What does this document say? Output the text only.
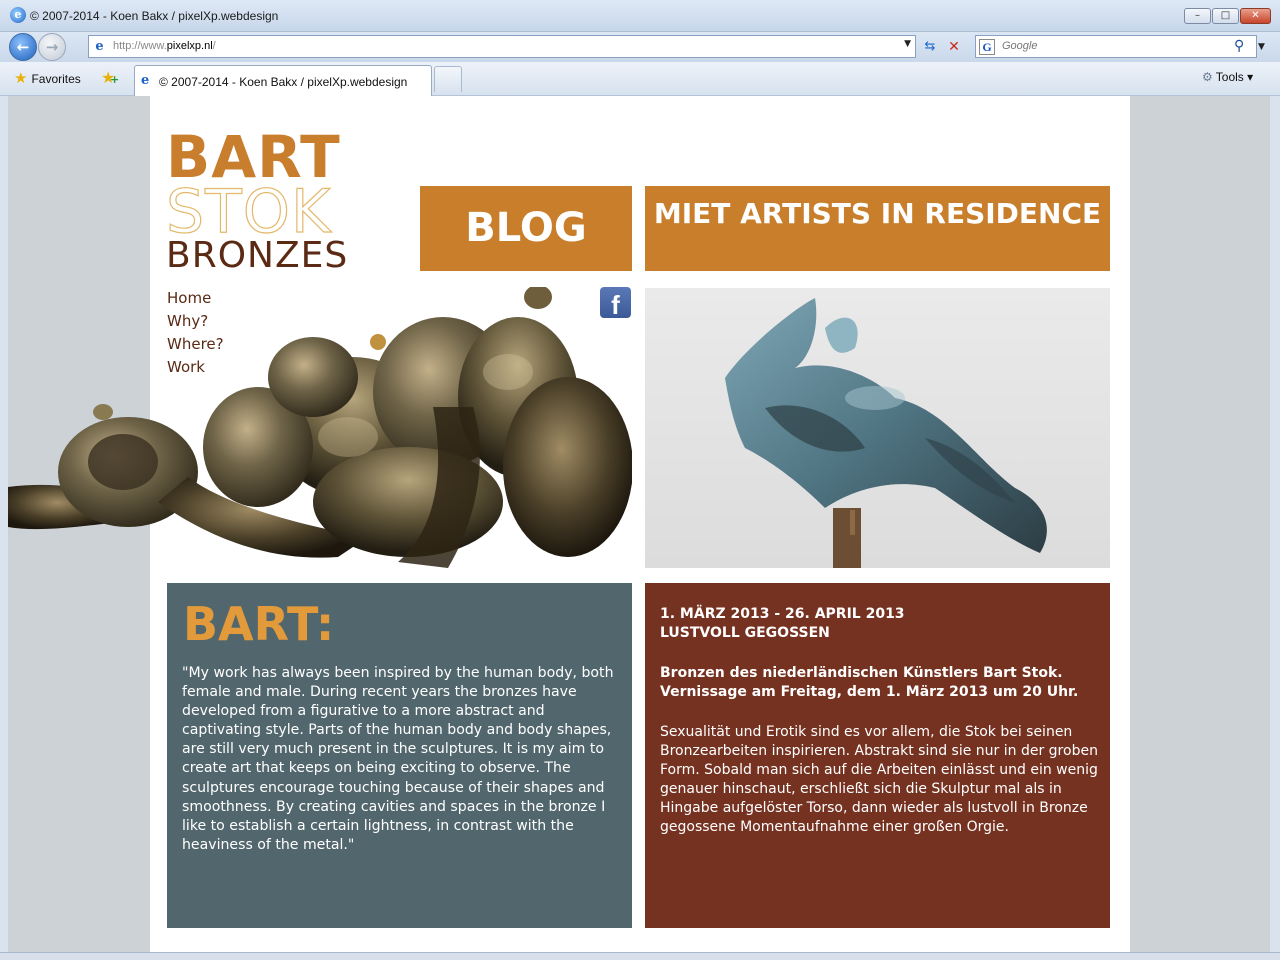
e © 2007-2014 - Koen Bakx / pixelXp.webdesign	–	□	✕
←	→	e http://www.pixelxp.nl/	▼	⇆ ✕	G Google	⚲ ▼
★ Favorites ★ + e © 2007-2014 - Koen Bakx / pixelXp.webdesign	⚙ Tools ▾
BART
STOK
BRONZES
BLOG	MIET ARTISTS IN RESIDENCE
Home
Why?
Where?
Work
f
BART:
"My work has always been inspired by the human body, both female and male. During recent years the bronzes have developed from a figurative to a more abstract and captivating style. Parts of the human body and body shapes, are still very much present in the sculptures. It is my aim to create art that keeps on being exciting to observe. The sculptures encourage touching because of their shapes and smoothness. By creating cavities and spaces in the bronze I like to establish a certain lightness, in contrast with the heaviness of the metal."
1. MÄRZ 2013 - 26. APRIL 2013
LUSTVOLL GEGOSSEN
Bronzen des niederländischen Künstlers Bart Stok. Vernissage am Freitag, dem 1. März 2013 um 20 Uhr.
Sexualität und Erotik sind es vor allem, die Stok bei seinen Bronzearbeiten inspirieren. Abstrakt sind sie nur in der groben Form. Sobald man sich auf die Arbeiten einlässt und ein wenig genauer hinschaut, erschließt sich die Skulptur mal als in Hingabe aufgelöster Torso, dann wieder als lustvoll in Bronze gegossene Momentaufnahme einer großen Orgie.
